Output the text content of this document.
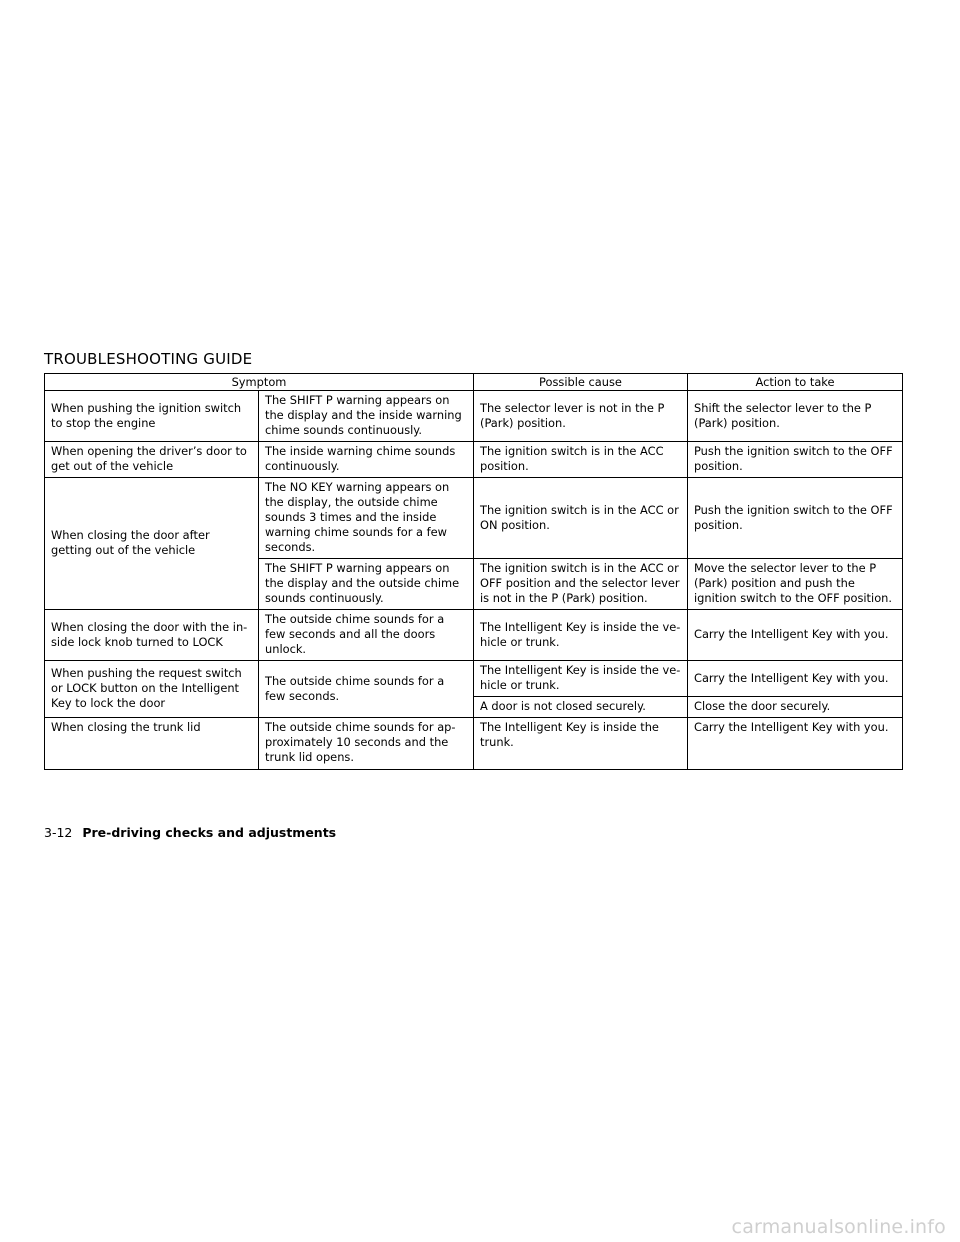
TROUBLESHOOTING GUIDE
Symptom		Possible cause	Action to take
When pushing the ignition switch to stop the engine	The SHIFT P warning appears on the display and the inside warning chime sounds continuously.	The selector lever is not in the P (Park) position.	Shift the selector lever to the P (Park) position.
When opening the driver’s door to get out of the vehicle	The inside warning chime sounds continuously.	The ignition switch is in the ACC position.	Push the ignition switch to the OFF position.
When closing the door after getting out of the vehicle	The NO KEY warning appears on the display, the outside chime sounds 3 times and the inside warning chime sounds for a few seconds.	The ignition switch is in the ACC or ON position.	Push the ignition switch to the OFF position.
	The SHIFT P warning appears on the display and the outside chime sounds continuously.	The ignition switch is in the ACC or OFF position and the selector lever is not in the P (Park) position.	Move the selector lever to the P (Park) position and push the ignition switch to the OFF position.
When closing the door with the in-side lock knob turned to LOCK	The outside chime sounds for a few seconds and all the doors unlock.	The Intelligent Key is inside the ve-hicle or trunk.	Carry the Intelligent Key with you.
When pushing the request switch or LOCK button on the Intelligent Key to lock the door	The outside chime sounds for a few seconds.	The Intelligent Key is inside the ve-hicle or trunk.	Carry the Intelligent Key with you.
		A door is not closed securely.	Close the door securely.
When closing the trunk lid	The outside chime sounds for ap-proximately 10 seconds and the trunk lid opens.	The Intelligent Key is inside the trunk.	Carry the Intelligent Key with you.
3-12 Pre-driving checks and adjustments
carmanualsonline.info
